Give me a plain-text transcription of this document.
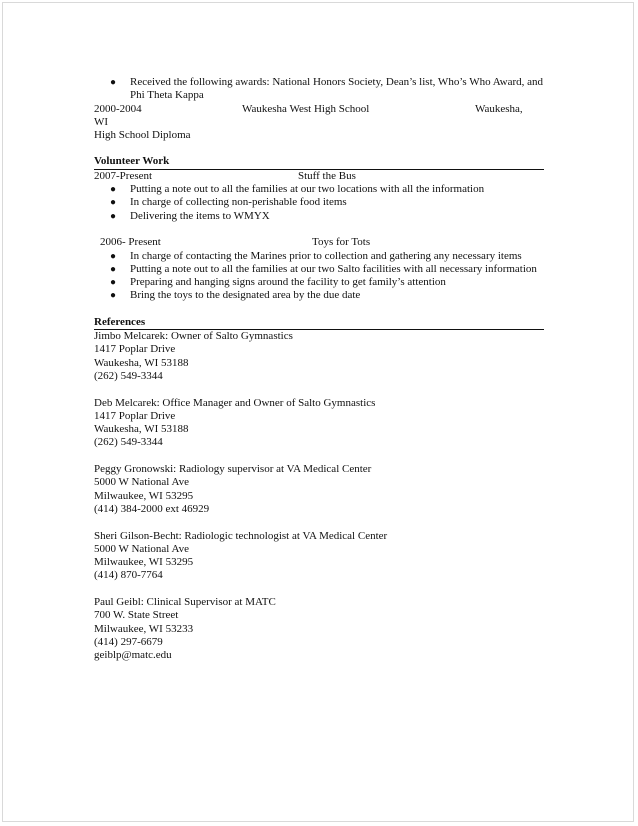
●	Received the following awards: National Honors Society, Dean’s list, Who’s Who Award, and Phi Theta Kappa
2000-2004	Waukesha West High School	Waukesha,
WI
High School Diploma
Volunteer Work
2007-Present	Stuff the Bus
●	Putting a note out to all the families at our two locations with all the information
●	In charge of collecting non-perishable food items
●	Delivering the items to WMYX
2006- Present	Toys for Tots
●	In charge of contacting the Marines prior to collection and gathering any necessary items
●	Putting a note out to all the families at our two Salto facilities with all necessary information
●	Preparing and hanging signs around the facility to get family’s attention
●	Bring the toys to the designated area by the due date
References
Jimbo Melcarek: Owner of Salto Gymnastics
1417 Poplar Drive
Waukesha, WI 53188
(262) 549-3344
Deb Melcarek: Office Manager and Owner of Salto Gymnastics
1417 Poplar Drive
Waukesha, WI 53188
(262) 549-3344
Peggy Gronowski: Radiology supervisor at VA Medical Center
5000 W National Ave
Milwaukee, WI 53295
(414) 384-2000 ext 46929
Sheri Gilson-Becht: Radiologic technologist at VA Medical Center
5000 W National Ave
Milwaukee, WI 53295
(414) 870-7764
Paul Geibl: Clinical Supervisor at MATC
700 W. State Street
Milwaukee, WI 53233
(414) 297-6679
geiblp@matc.edu
